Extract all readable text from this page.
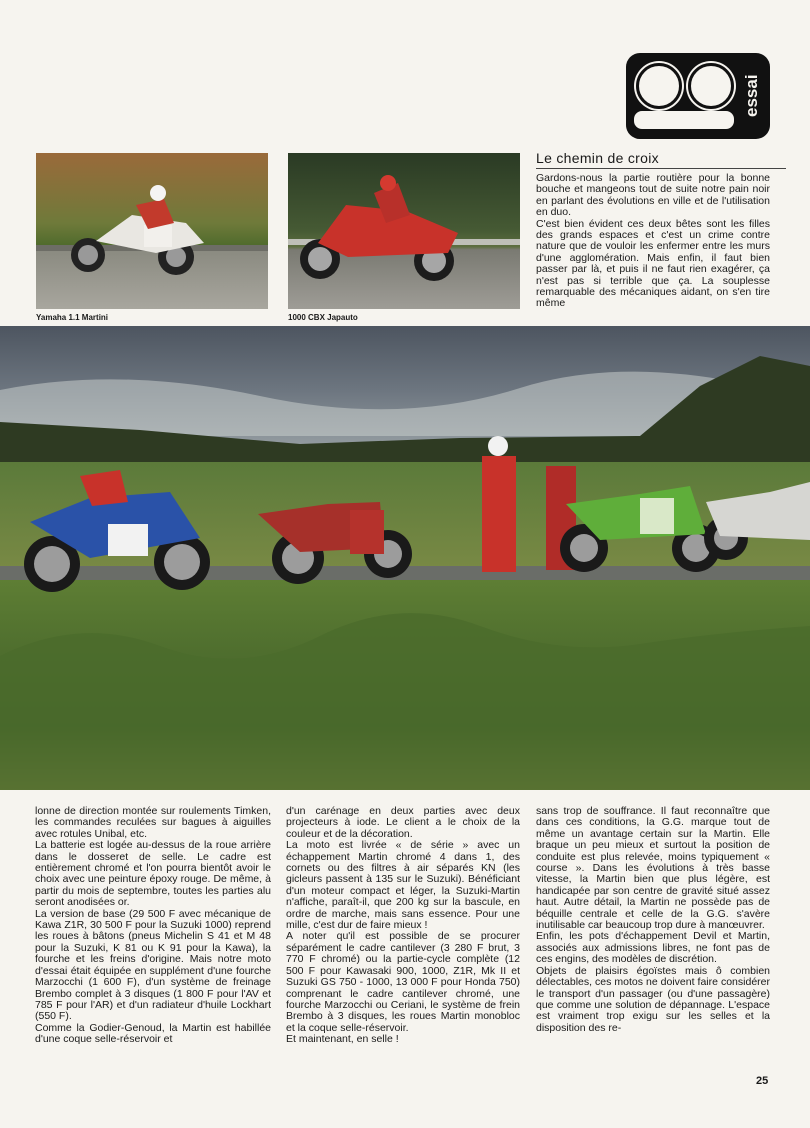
essai
Yamaha 1.1 Martini	1000 CBX Japauto
Le chemin de croix

Gardons-nous la partie routière pour la bonne bouche et mangeons tout de suite notre pain noir en parlant des évolutions en ville et de l'utilisation en duo.

C'est bien évident ces deux bêtes sont les filles des grands espaces et c'est un crime contre nature que de vouloir les enfermer entre les murs d'une agglomération. Mais enfin, il faut bien passer par là, et puis il ne faut rien exagérer, ça n'est pas si terrible que ça. La souplesse remarquable des mécaniques aidant, on s'en tire même

lonne de direction montée sur roulements Timken, les commandes reculées sur bagues à aiguilles avec rotules Unibal, etc.

La batterie est logée au-dessus de la roue arrière dans le dosseret de selle. Le cadre est entièrement chromé et l'on pourra bientôt avoir le choix avec une peinture époxy rouge. De même, à partir du mois de septembre, toutes les parties alu seront anodisées or.

La version de base (29 500 F avec mécanique de Kawa Z1R, 30 500 F pour la Suzuki 1000) reprend les roues à bâtons (pneus Michelin S 41 et M 48 pour la Suzuki, K 81 ou K 91 pour la Kawa), la fourche et les freins d'origine. Mais notre moto d'essai était équipée en supplément d'une fourche Marzocchi (1 600 F), d'un système de freinage Brembo complet à 3 disques (1 800 F pour l'AV et 785 F pour l'AR) et d'un radiateur d'huile Lockhart (550 F).

Comme la Godier-Genoud, la Martin est habillée d'une coque selle-réservoir et

d'un carénage en deux parties avec deux projecteurs à iode. Le client a le choix de la couleur et de la décoration.

La moto est livrée « de série » avec un échappement Martin chromé 4 dans 1, des cornets ou des filtres à air séparés KN (les gicleurs passent à 135 sur le Suzuki). Bénéficiant d'un moteur compact et léger, la Suzuki-Martin n'affiche, paraît-il, que 200 kg sur la bascule, en ordre de marche, mais sans essence. Pour une mille, c'est dur de faire mieux !

A noter qu'il est possible de se procurer séparément le cadre cantilever (3 280 F brut, 3 770 F chromé) ou la partie-cycle complète (12 500 F pour Kawasaki 900, 1000, Z1R, Mk II et Suzuki GS 750 - 1000, 13 000 F pour Honda 750) comprenant le cadre cantilever chromé, une fourche Marzocchi ou Ceriani, le système de frein Brembo à 3 disques, les roues Martin monobloc et la coque selle-réservoir.

Et maintenant, en selle !

sans trop de souffrance. Il faut reconnaître que dans ces conditions, la G.G. marque tout de même un avantage certain sur la Martin. Elle braque un peu mieux et surtout la position de conduite est plus relevée, moins typiquement « course ». Dans les évolutions à très basse vitesse, la Martin bien que plus légère, est handicapée par son centre de gravité situé assez haut. Autre détail, la Martin ne possède pas de béquille centrale et celle de la G.G. s'avère inutilisable car beaucoup trop dure à manœuvrer.

Enfin, les pots d'échappement Devil et Martin, associés aux admissions libres, ne font pas de ces engins, des modèles de discrétion.

Objets de plaisirs égoïstes mais ô combien délectables, ces motos ne doivent faire considérer le transport d'un passager (ou d'une passagère) que comme une solution de dépannage. L'espace est vraiment trop exigu sur les selles et la disposition des re-

25
